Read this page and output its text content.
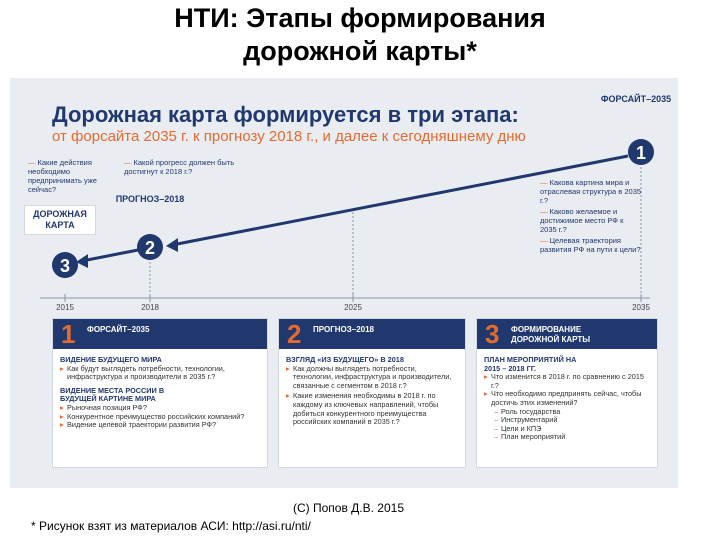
НТИ: Этапы формирования
дорожной карты*
Дорожная карта формируется в три этапа:
от форсайта 2035 г. к прогнозу 2018 г., и далее к сегодняшнему дню
1
2
3
ФОРСАЙТ–2035
ПРОГНОЗ–2018
ДОРОЖНАЯ КАРТА
— Какие действия необходимо предпринимать уже сейчас?
— Какой прогресс должен быть достигнут к 2018 г.?
— Какова картина мира и отраслевая структура в 2035 г.?
— Каково желаемое и достижимое место РФ к 2035 г.?
— Целевая траектория развития РФ на пути к цели?
2015	2018	2025	2035
1 ФОРСАЙТ–2035
ВИДЕНИЕ БУДУЩЕГО МИРА
▸ Как будут выглядеть потребности, технологии, инфраструктура и производители в 2035 г.?
ВИДЕНИЕ МЕСТА РОССИИ В БУДУЩЕЙ КАРТИНЕ МИРА
▸ Рыночная позиция РФ?
▸ Конкурентное преимущество российских компаний?
▸ Видение целевой траектории развития РФ?
2 ПРОГНОЗ–2018
ВЗГЛЯД «ИЗ БУДУЩЕГО» В 2018
▸ Как должны выглядеть потребности, технологии, инфраструктура и производители, связанные с сегментом в 2018 г.?
▸ Какие изменения необходимы в 2018 г. по каждому из ключевых направлений, чтобы добиться конкурентного преимущества российских компаний в 2035 г.?
3 ФОРМИРОВАНИЕ ДОРОЖНОЙ КАРТЫ
ПЛАН МЕРОПРИЯТИЙ НА 2015 – 2018 ГГ.
▸ Что изменится в 2018 г. по сравнению с 2015 г.?
▸ Что необходимо предпринять сейчас, чтобы достичь этих изменений?
– Роль государства
– Инструментарий
– Цели и КПЭ
– План мероприятий
(С) Попов Д.В. 2015
* Рисунок взят из материалов АСИ: http://asi.ru/nti/
